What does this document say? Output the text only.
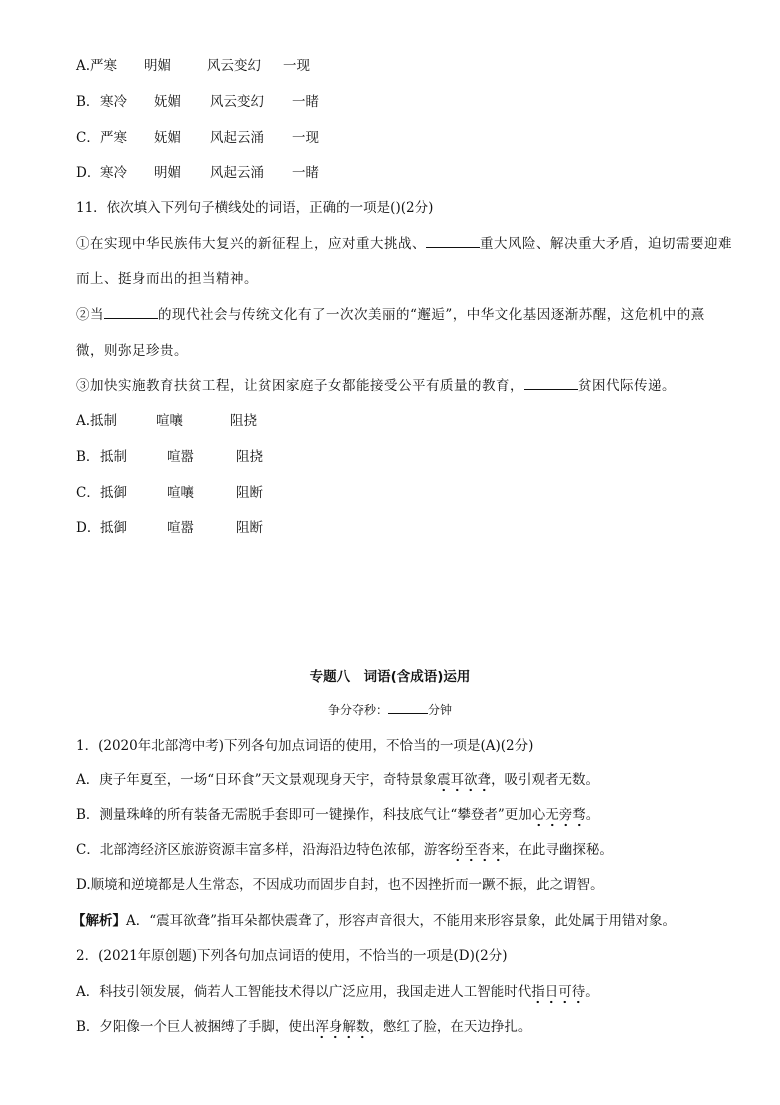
A.严寒 明媚	风云变幻 一现
B．寒冷 妩媚 风云变幻 一睹
C．严寒 妩媚 风起云涌 一现
D．寒冷 明媚 风起云涌 一睹
11．依次填入下列句子横线处的词语，正确的一项是()(2分)
①在实现中华民族伟大复兴的新征程上，应对重大挑战、	重大风险、解决重大矛盾，迫切需要迎难
而上、挺身而出的担当精神。
②当	的现代社会与传统文化有了一次次美丽的“邂逅”，中华文化基因逐渐苏醒，这危机中的熹
微，则弥足珍贵。
③加快实施教育扶贫工程，让贫困家庭子女都能接受公平有质量的教育，	贫困代际传递。
A.抵制	喧嚷	阻挠
B．抵制	喧嚣	阻挠
C．抵御	喧嚷	阻断
D．抵御	喧嚣	阻断
专题八　词语(含成语)运用
争分夺秒：	分钟
1．(2020年北部湾中考)下列各句加点词语的使用，不恰当的一项是(A)(2分)
A．庚子年夏至，一场“日环食”天文景观现身天宇，奇特景象震耳欲聋，吸引观者无数。
B．测量珠峰的所有装备无需脱手套即可一键操作，科技底气让“攀登者”更加心无旁骛。
C．北部湾经济区旅游资源丰富多样，沿海沿边特色浓郁，游客纷至沓来，在此寻幽探秘。
D.顺境和逆境都是人生常态，不因成功而固步自封，也不因挫折而一蹶不振，此之谓智。
【解析】A．“震耳欲聋”指耳朵都快震聋了，形容声音很大，不能用来形容景象，此处属于用错对象。
2．(2021年原创题)下列各句加点词语的使用，不恰当的一项是(D)(2分)
A．科技引领发展，倘若人工智能技术得以广泛应用，我国走进人工智能时代指日可待。
B．夕阳像一个巨人被捆缚了手脚，使出浑身解数，憋红了脸，在天边挣扎。
